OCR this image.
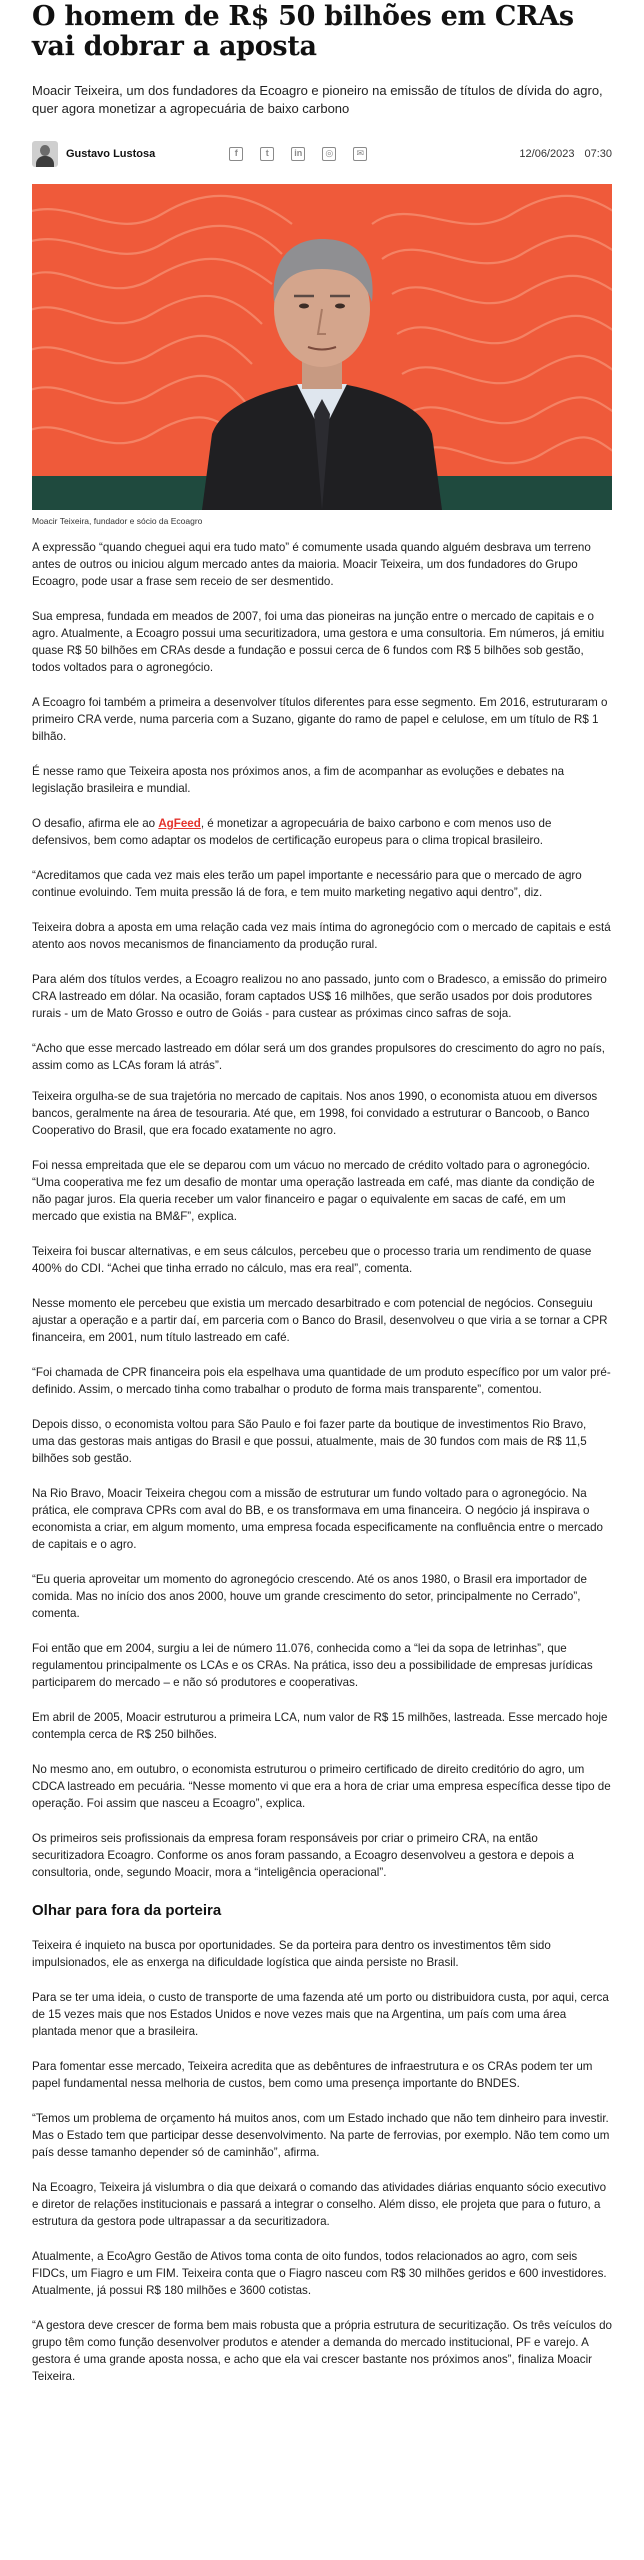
O homem de R$ 50 bilhões em CRAs vai dobrar a aposta

Moacir Teixeira, um dos fundadores da Ecoagro e pioneiro na emissão de títulos de dívida do agro, quer agora monetizar a agropecuária de baixo carbono

Gustavo Lustosa	f	t	in	◎	✉	12/06/2023 07:30

Moacir Teixeira, fundador e sócio da Ecoagro

A expressão “quando cheguei aqui era tudo mato” é comumente usada quando alguém desbrava um terreno antes de outros ou iniciou algum mercado antes da maioria. Moacir Teixeira, um dos fundadores do Grupo Ecoagro, pode usar a frase sem receio de ser desmentido.

Sua empresa, fundada em meados de 2007, foi uma das pioneiras na junção entre o mercado de capitais e o agro. Atualmente, a Ecoagro possui uma securitizadora, uma gestora e uma consultoria. Em números, já emitiu quase R$ 50 bilhões em CRAs desde a fundação e possui cerca de 6 fundos com R$ 5 bilhões sob gestão, todos voltados para o agronegócio.

A Ecoagro foi também a primeira a desenvolver títulos diferentes para esse segmento. Em 2016, estruturaram o primeiro CRA verde, numa parceria com a Suzano, gigante do ramo de papel e celulose, em um título de R$ 1 bilhão.

É nesse ramo que Teixeira aposta nos próximos anos, a fim de acompanhar as evoluções e debates na legislação brasileira e mundial.

O desafio, afirma ele ao AgFeed, é monetizar a agropecuária de baixo carbono e com menos uso de defensivos, bem como adaptar os modelos de certificação europeus para o clima tropical brasileiro.

“Acreditamos que cada vez mais eles terão um papel importante e necessário para que o mercado de agro continue evoluindo. Tem muita pressão lá de fora, e tem muito marketing negativo aqui dentro”, diz.

Teixeira dobra a aposta em uma relação cada vez mais íntima do agronegócio com o mercado de capitais e está atento aos novos mecanismos de financiamento da produção rural.

Para além dos títulos verdes, a Ecoagro realizou no ano passado, junto com o Bradesco, a emissão do primeiro CRA lastreado em dólar. Na ocasião, foram captados US$ 16 milhões, que serão usados por dois produtores rurais - um de Mato Grosso e outro de Goiás - para custear as próximas cinco safras de soja.

“Acho que esse mercado lastreado em dólar será um dos grandes propulsores do crescimento do agro no país, assim como as LCAs foram lá atrás”.

Teixeira orgulha-se de sua trajetória no mercado de capitais. Nos anos 1990, o economista atuou em diversos bancos, geralmente na área de tesouraria. Até que, em 1998, foi convidado a estruturar o Bancoob, o Banco Cooperativo do Brasil, que era focado exatamente no agro.

Foi nessa empreitada que ele se deparou com um vácuo no mercado de crédito voltado para o agronegócio. “Uma cooperativa me fez um desafio de montar uma operação lastreada em café, mas diante da condição de não pagar juros. Ela queria receber um valor financeiro e pagar o equivalente em sacas de café, em um mercado que existia na BM&F”, explica.

Teixeira foi buscar alternativas, e em seus cálculos, percebeu que o processo traria um rendimento de quase 400% do CDI. “Achei que tinha errado no cálculo, mas era real”, comenta.

Nesse momento ele percebeu que existia um mercado desarbitrado e com potencial de negócios. Conseguiu ajustar a operação e a partir daí, em parceria com o Banco do Brasil, desenvolveu o que viria a se tornar a CPR financeira, em 2001, num título lastreado em café.

“Foi chamada de CPR financeira pois ela espelhava uma quantidade de um produto específico por um valor pré-definido. Assim, o mercado tinha como trabalhar o produto de forma mais transparente”, comentou.

Depois disso, o economista voltou para São Paulo e foi fazer parte da boutique de investimentos Rio Bravo, uma das gestoras mais antigas do Brasil e que possui, atualmente, mais de 30 fundos com mais de R$ 11,5 bilhões sob gestão.

Na Rio Bravo, Moacir Teixeira chegou com a missão de estruturar um fundo voltado para o agronegócio. Na prática, ele comprava CPRs com aval do BB, e os transformava em uma financeira. O negócio já inspirava o economista a criar, em algum momento, uma empresa focada especificamente na confluência entre o mercado de capitais e o agro.

“Eu queria aproveitar um momento do agronegócio crescendo. Até os anos 1980, o Brasil era importador de comida. Mas no início dos anos 2000, houve um grande crescimento do setor, principalmente no Cerrado”, comenta.

Foi então que em 2004, surgiu a lei de número 11.076, conhecida como a “lei da sopa de letrinhas”, que regulamentou principalmente os LCAs e os CRAs. Na prática, isso deu a possibilidade de empresas jurídicas participarem do mercado – e não só produtores e cooperativas.

Em abril de 2005, Moacir estruturou a primeira LCA, num valor de R$ 15 milhões, lastreada. Esse mercado hoje contempla cerca de R$ 250 bilhões.

No mesmo ano, em outubro, o economista estruturou o primeiro certificado de direito creditório do agro, um CDCA lastreado em pecuária. “Nesse momento vi que era a hora de criar uma empresa específica desse tipo de operação. Foi assim que nasceu a Ecoagro”, explica.

Os primeiros seis profissionais da empresa foram responsáveis por criar o primeiro CRA, na então securitizadora Ecoagro. Conforme os anos foram passando, a Ecoagro desenvolveu a gestora e depois a consultoria, onde, segundo Moacir, mora a “inteligência operacional”.

Olhar para fora da porteira

Teixeira é inquieto na busca por oportunidades. Se da porteira para dentro os investimentos têm sido impulsionados, ele as enxerga na dificuldade logística que ainda persiste no Brasil.

Para se ter uma ideia, o custo de transporte de uma fazenda até um porto ou distribuidora custa, por aqui, cerca de 15 vezes mais que nos Estados Unidos e nove vezes mais que na Argentina, um país com uma área plantada menor que a brasileira.

Para fomentar esse mercado, Teixeira acredita que as debêntures de infraestrutura e os CRAs podem ter um papel fundamental nessa melhoria de custos, bem como uma presença importante do BNDES.

“Temos um problema de orçamento há muitos anos, com um Estado inchado que não tem dinheiro para investir. Mas o Estado tem que participar desse desenvolvimento. Na parte de ferrovias, por exemplo. Não tem como um país desse tamanho depender só de caminhão”, afirma.

Na Ecoagro, Teixeira já vislumbra o dia que deixará o comando das atividades diárias enquanto sócio executivo e diretor de relações institucionais e passará a integrar o conselho. Além disso, ele projeta que para o futuro, a estrutura da gestora pode ultrapassar a da securitizadora.

Atualmente, a EcoAgro Gestão de Ativos toma conta de oito fundos, todos relacionados ao agro, com seis FIDCs, um Fiagro e um FIM. Teixeira conta que o Fiagro nasceu com R$ 30 milhões geridos e 600 investidores. Atualmente, já possui R$ 180 milhões e 3600 cotistas.

“A gestora deve crescer de forma bem mais robusta que a própria estrutura de securitização. Os três veículos do grupo têm como função desenvolver produtos e atender a demanda do mercado institucional, PF e varejo. A gestora é uma grande aposta nossa, e acho que ela vai crescer bastante nos próximos anos”, finaliza Moacir Teixeira.
